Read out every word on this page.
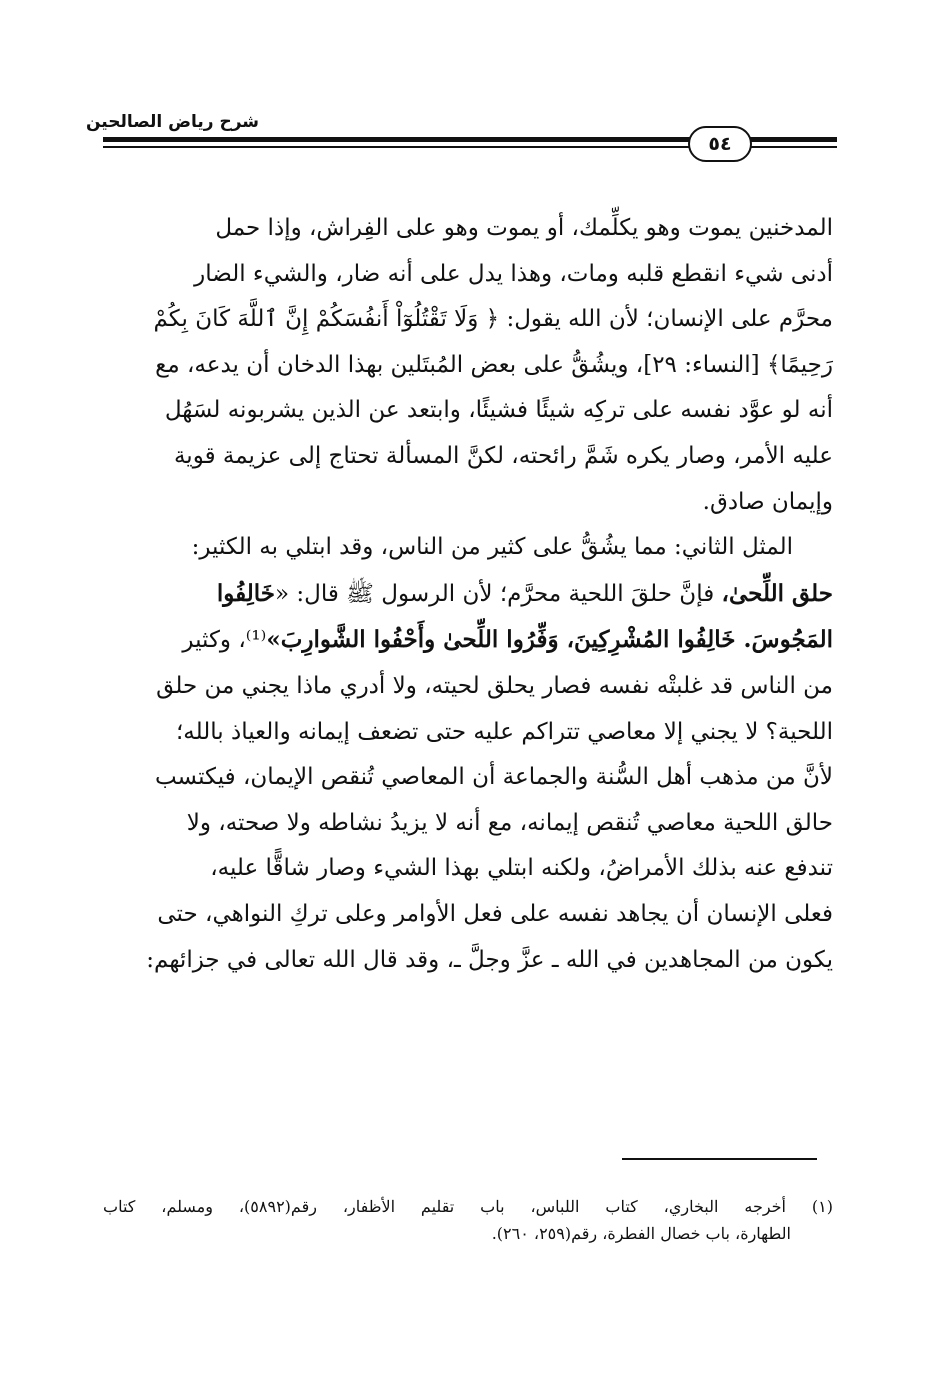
شرح رياض الصالحين
٥٤
المدخنين يموت وهو يكلِّمك، أو يموت وهو على الفِراش، وإذا حمل
أدنى شيء انقطع قلبه ومات، وهذا يدل على أنه ضار، والشيء الضار
محرَّم على الإنسان؛ لأن الله يقول: ﴿ وَلَا تَقْتُلُوٓاْ أَنفُسَكُمْ إِنَّ ٱللَّهَ كَانَ بِكُمْ
رَحِيمًا﴾ [النساء: ٢٩]، ويشُقُّ على بعض المُبتَلين بهذا الدخان أن يدعه، مع
أنه لو عوَّد نفسه على تركِه شيئًا فشيئًا، وابتعد عن الذين يشربونه لسَهُل
عليه الأمر، وصار يكره شَمَّ رائحته، لكنَّ المسألة تحتاج إلى عزيمة قوية
وإيمان صادق.
المثل الثاني: مما يشُقُّ على كثير من الناس، وقد ابتلي به الكثير:
حلق اللِّحىٰ، فإنَّ حلقَ اللحية محرَّم؛ لأن الرسول ﷺ قال: «خَالِفُوا
المَجُوسَ. خَالِفُوا المُشْرِكِينَ، وَفِّرُوا اللِّحىٰ وأَحْفُوا الشَّوارِبَ»⁽¹⁾، وكثير
من الناس قد غلبتْه نفسه فصار يحلق لحيته، ولا أدري ماذا يجني من حلق
اللحية؟ لا يجني إلا معاصي تتراكم عليه حتى تضعف إيمانه والعياذ بالله؛
لأنَّ من مذهب أهل السُّنة والجماعة أن المعاصي تُنقص الإيمان، فيكتسب
حالق اللحية معاصي تُنقص إيمانه، مع أنه لا يزيدُ نشاطه ولا صحته، ولا
تندفع عنه بذلك الأمراضُ، ولكنه ابتلي بهذا الشيء وصار شاقًّا عليه،
فعلى الإنسان أن يجاهد نفسه على فعل الأوامر وعلى تركِ النواهي، حتى
يكون من المجاهدين في الله ـ عزَّ وجلَّ ـ، وقد قال الله تعالى في جزائهم:
(١) أخرجه البخاري، كتاب اللباس، باب تقليم الأظفار، رقم(٥٨٩٢)، ومسلم، كتاب
الطهارة، باب خصال الفطرة، رقم(٢٥٩، ٢٦٠).
